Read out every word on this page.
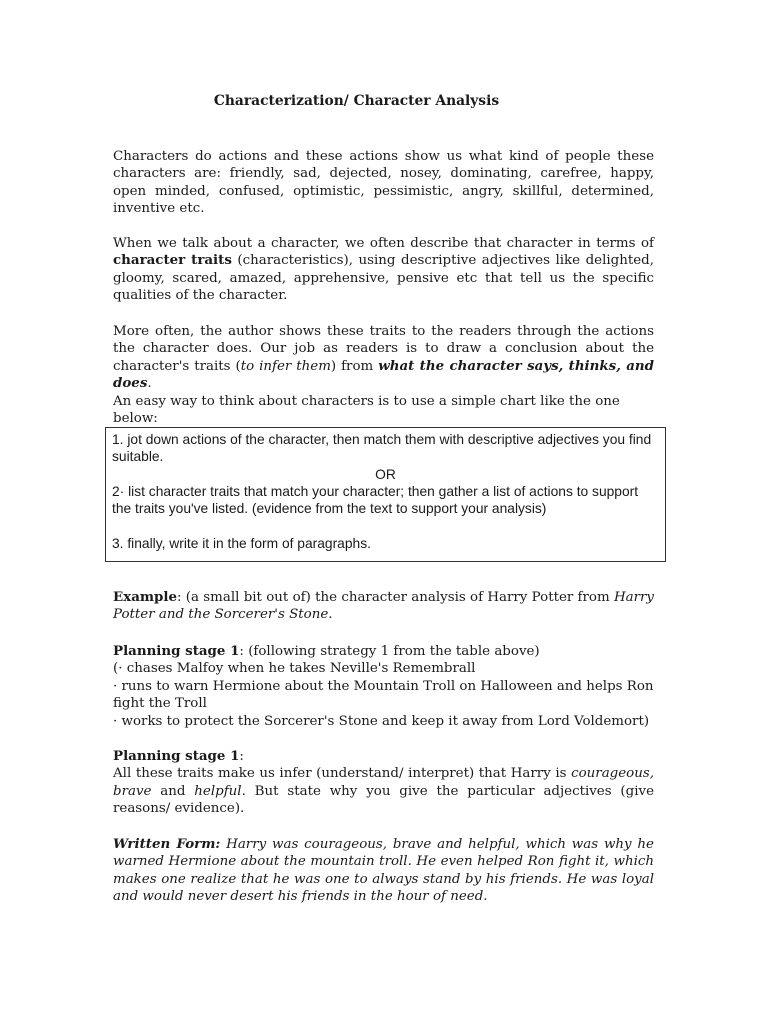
Characterization/ Character Analysis

Characters do actions and these actions show us what kind of people these characters are: friendly, sad, dejected, nosey, dominating, carefree, happy, open minded, confused, optimistic, pessimistic, angry, skillful, determined, inventive etc.

When we talk about a character, we often describe that character in terms of character traits (characteristics), using descriptive adjectives like delighted, gloomy, scared, amazed, apprehensive, pensive etc that tell us the specific qualities of the character.

More often, the author shows these traits to the readers through the actions the character does. Our job as readers is to draw a conclusion about the character's traits (to infer them) from what the character says, thinks, and does.

An easy way to think about characters is to use a simple chart like the one below:

1. jot down actions of the character, then match them with descriptive adjectives you find suitable.

OR

2· list character traits that match your character; then gather a list of actions to support the traits you've listed. (evidence from the text to support your analysis)

3. finally, write it in the form of paragraphs.

Example: (a small bit out of) the character analysis of Harry Potter from Harry Potter and the Sorcerer's Stone.

Planning stage 1: (following strategy 1 from the table above)

(· chases Malfoy when he takes Neville's Remembrall

· runs to warn Hermione about the Mountain Troll on Halloween and helps Ron fight the Troll

· works to protect the Sorcerer's Stone and keep it away from Lord Voldemort)

Planning stage 1:

All these traits make us infer (understand/ interpret) that Harry is courageous, brave and helpful. But state why you give the particular adjectives (give reasons/ evidence).

Written Form: Harry was courageous, brave and helpful, which was why he warned Hermione about the mountain troll. He even helped Ron fight it, which makes one realize that he was one to always stand by his friends. He was loyal and would never desert his friends in the hour of need.
